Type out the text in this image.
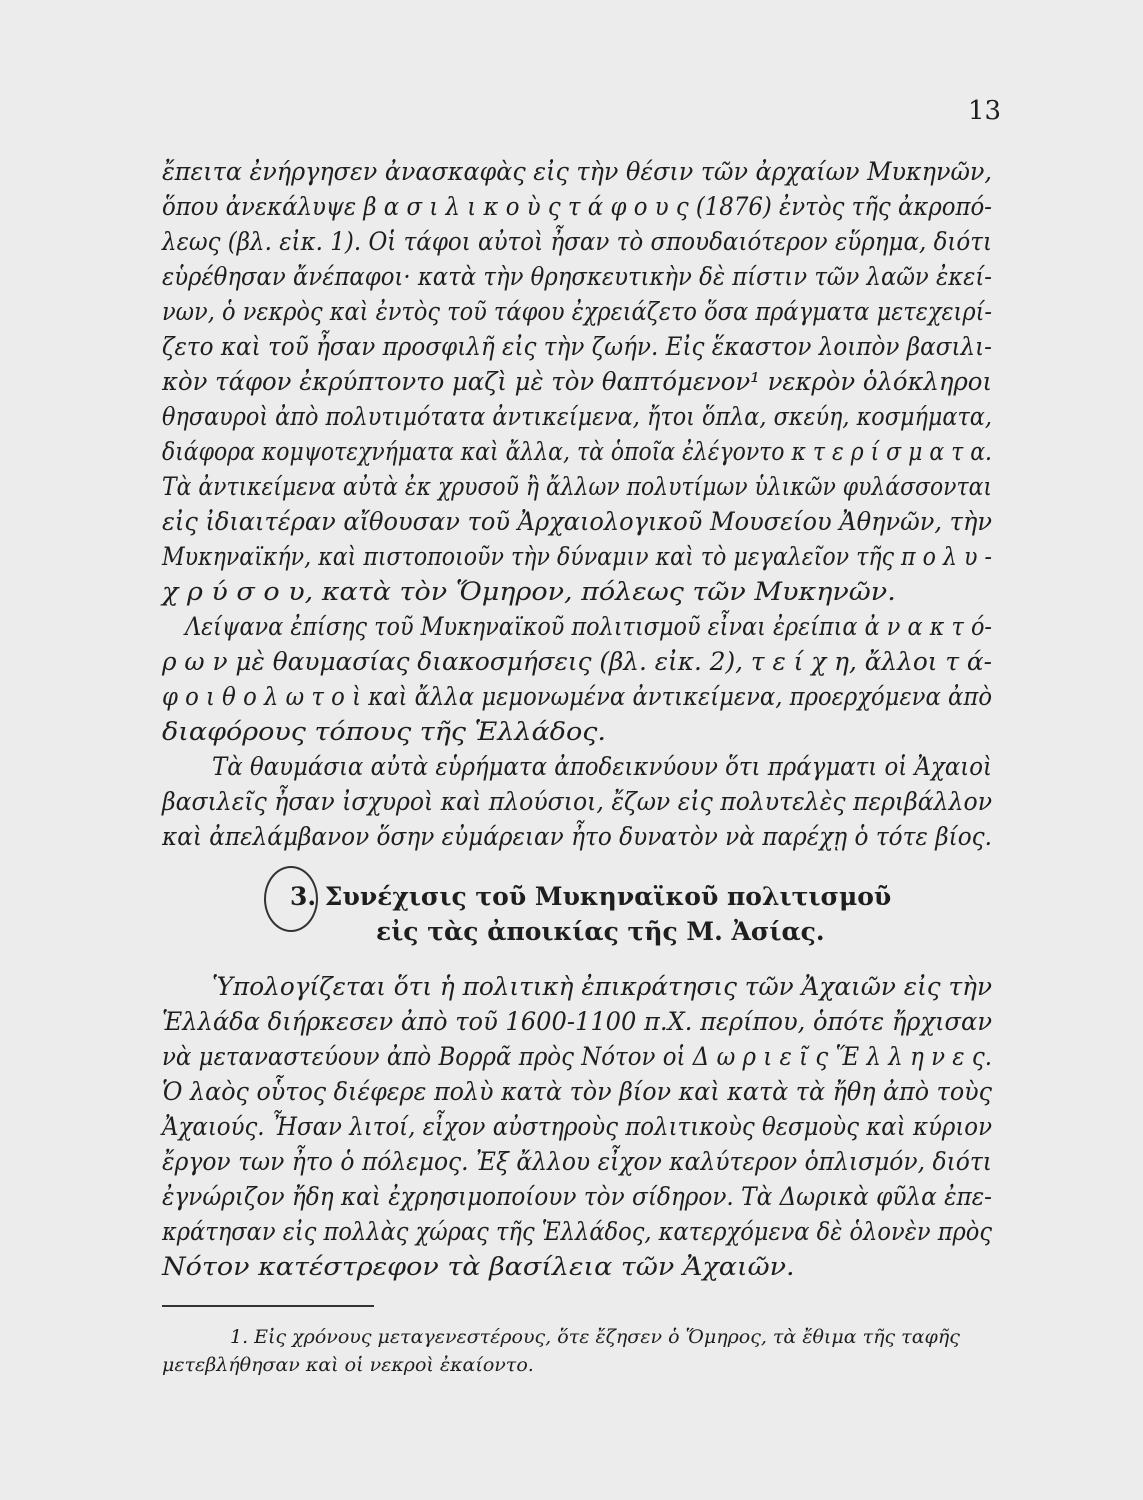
13
ἔπειτα ἐνήργησεν ἀνασκαφὰς εἰς τὴν θέσιν τῶν ἀρχαίων Μυκηνῶν,
ὅπου ἀνεκάλυψε β α σ ι λ ι κ ο ὺ ς τ ά φ ο υ ς (1876) ἐντὸς τῆς ἀκροπό-
λεως (βλ. εἰκ. 1). Οἱ τάφοι αὐτοὶ ἦσαν τὸ σπουδαιότερον εὕρημα, διότι
εὑρέθησαν ἄνέπαφοι· κατὰ τὴν θρησκευτικὴν δὲ πίστιν τῶν λαῶν ἐκεί-
νων, ὁ νεκρὸς καὶ ἐντὸς τοῦ τάφου ἐχρειάζετο ὅσα πράγματα μετεχειρί-
ζετο καὶ τοῦ ἦσαν προσφιλῆ εἰς τὴν ζωήν. Εἰς ἕκαστον λοιπὸν βασιλι-
κὸν τάφον ἐκρύπτοντο μαζὶ μὲ τὸν θαπτόμενον¹ νεκρὸν ὁλόκληροι
θησαυροὶ ἀπὸ πολυτιμότατα ἀντικείμενα, ἤτοι ὅπλα, σκεύη, κοσμήματα,
διάφορα κομψοτεχνήματα καὶ ἄλλα, τὰ ὁποῖα ἐλέγοντο κ τ ε ρ ί σ μ α τ α.
Τὰ ἀντικείμενα αὐτὰ ἐκ χρυσοῦ ἢ ἄλλων πολυτίμων ὑλικῶν φυλάσσονται
εἰς ἰδιαιτέραν αἴθουσαν τοῦ Ἀρχαιολογικοῦ Μουσείου Ἀθηνῶν, τὴν
Μυκηναϊκήν, καὶ πιστοποιοῦν τὴν δύναμιν καὶ τὸ μεγαλεῖον τῆς π ο λ υ -
χ ρ ύ σ ο υ, κατὰ τὸν Ὅμηρον, πόλεως τῶν Μυκηνῶν.
Λείψανα ἐπίσης τοῦ Μυκηναϊκοῦ πολιτισμοῦ εἶναι ἐρείπια ἀ ν α κ τ ό-
ρ ω ν μὲ θαυμασίας διακοσμήσεις (βλ. εἰκ. 2), τ ε ί χ η, ἄλλοι τ ά-
φ ο ι θ ο λ ω τ ο ὶ καὶ ἄλλα μεμονωμένα ἀντικείμενα, προερχόμενα ἀπὸ
διαφόρους τόπους τῆς Ἑλλάδος.
Τὰ θαυμάσια αὐτὰ εὑρήματα ἀποδεικνύουν ὅτι πράγματι οἱ Ἀχαιοὶ
βασιλεῖς ἦσαν ἰσχυροὶ καὶ πλούσιοι, ἔζων εἰς πολυτελὲς περιβάλλον
καὶ ἀπελάμβανον ὅσην εὐμάρειαν ἦτο δυνατὸν νὰ παρέχῃ ὁ τότε βίος.
3. Συνέχισις τοῦ Μυκηναϊκοῦ πολιτισμοῦ
εἰς τὰς ἀποικίας τῆς Μ. Ἀσίας.
Ὑπολογίζεται ὅτι ἡ πολιτικὴ ἐπικράτησις τῶν Ἀχαιῶν εἰς τὴν
Ἑλλάδα διήρκεσεν ἀπὸ τοῦ 1600-1100 π.Χ. περίπου, ὁπότε ἤρχισαν
νὰ μεταναστεύουν ἀπὸ Βορρᾶ πρὸς Νότον οἱ Δ ω ρ ι ε ῖ ς Ἕ λ λ η ν ε ς.
Ὁ λαὸς οὗτος διέφερε πολὺ κατὰ τὸν βίον καὶ κατὰ τὰ ἤθη ἀπὸ τοὺς
Ἀχαιούς. Ἦσαν λιτοί, εἶχον αὐστηροὺς πολιτικοὺς θεσμοὺς καὶ κύριον
ἔργον των ἦτο ὁ πόλεμος. Ἐξ ἄλλου εἶχον καλύτερον ὁπλισμόν, διότι
ἐγνώριζον ἤδη καὶ ἐχρησιμοποίουν τὸν σίδηρον. Τὰ Δωρικὰ φῦλα ἐπε-
κράτησαν εἰς πολλὰς χώρας τῆς Ἑλλάδος, κατερχόμενα δὲ ὁλονὲν πρὸς
Νότον κατέστρεφον τὰ βασίλεια τῶν Ἀχαιῶν.
1. Εἰς χρόνους μεταγενεστέρους, ὅτε ἔζησεν ὁ Ὅμηρος, τὰ ἔθιμα τῆς ταφῆς
μετεβλήθησαν καὶ οἱ νεκροὶ ἐκαίοντο.
